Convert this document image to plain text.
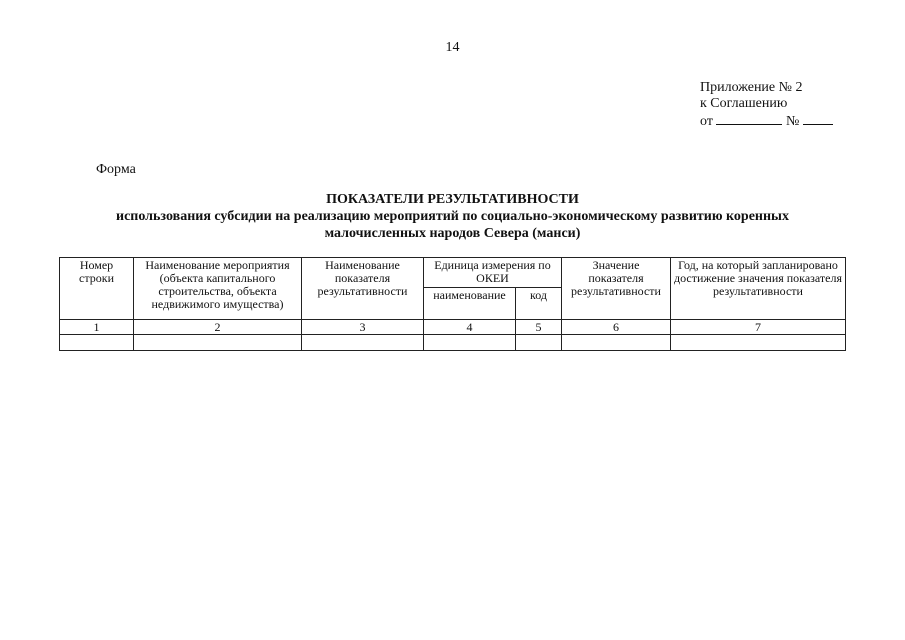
14
Приложение № 2
к Соглашению
от	№
Форма
ПОКАЗАТЕЛИ РЕЗУЛЬТАТИВНОСТИ
использования субсидии на реализацию мероприятий по социально-экономическому развитию коренных
малочисленных народов Севера (манси)
Номер строки	Наименование мероприятия (объекта капитального строительства, объекта недвижимого имущества)	Наименование показателя результативности	Единица измерения по ОКЕИ		Значение показателя результативности	Год, на который запланировано достижение значения показателя результативности
			наименование	код		
1	2	3	4	5	6	7
